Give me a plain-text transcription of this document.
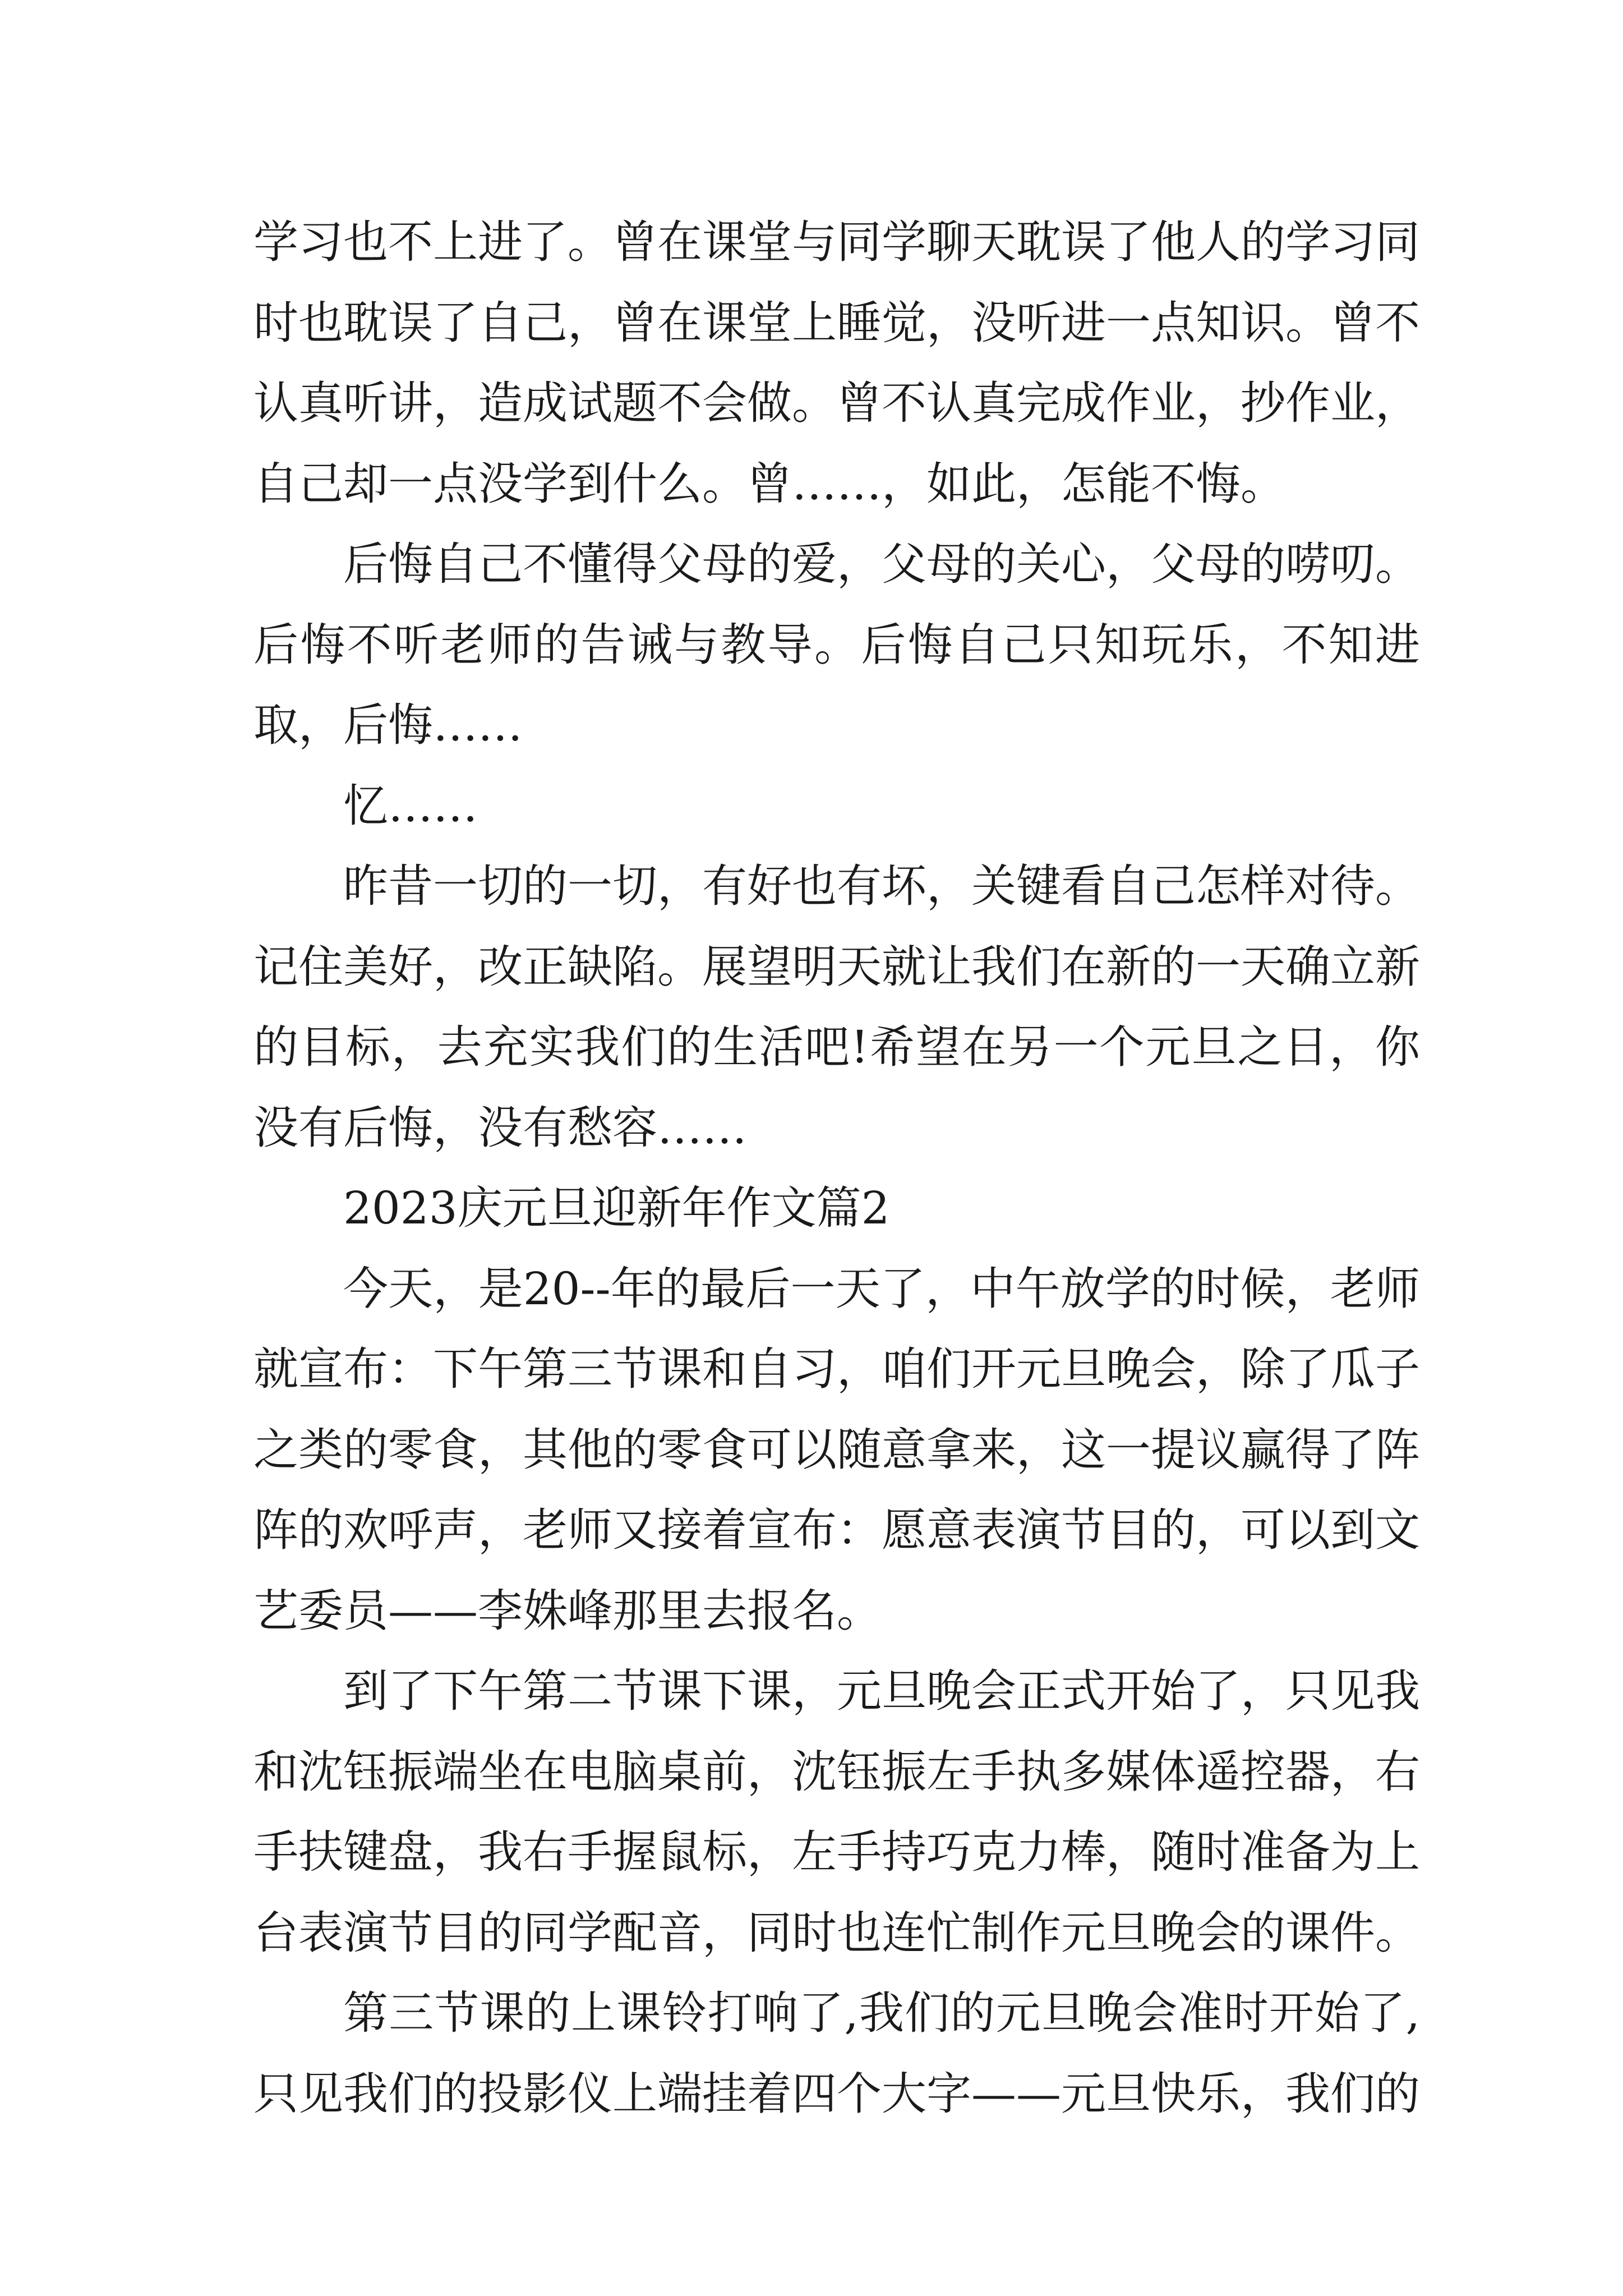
学习也不上进了。曾在课堂与同学聊天耽误了他人的学习同时也耽误了自己，曾在课堂上睡觉，没听进一点知识。曾不认真听讲，造成试题不会做。曾不认真完成作业，抄作业，自己却一点没学到什么。曾……，如此，怎能不悔。

后悔自己不懂得父母的爱，父母的关心，父母的唠叨。后悔不听老师的告诫与教导。后悔自己只知玩乐，不知进取，后悔……

忆……

昨昔一切的一切，有好也有坏，关键看自己怎样对待。记住美好，改正缺陷。展望明天就让我们在新的一天确立新的目标，去充实我们的生活吧!希望在另一个元旦之日，你没有后悔，没有愁容……

2023庆元旦迎新年作文篇2

今天，是20--年的最后一天了，中午放学的时候，老师就宣布：下午第三节课和自习，咱们开元旦晚会，除了瓜子之类的零食，其他的零食可以随意拿来，这一提议赢得了阵阵的欢呼声，老师又接着宣布：愿意表演节目的，可以到文艺委员——李姝峰那里去报名。

到了下午第二节课下课，元旦晚会正式开始了，只见我和沈钰振端坐在电脑桌前，沈钰振左手执多媒体遥控器，右手扶键盘，我右手握鼠标，左手持巧克力棒，随时准备为上台表演节目的同学配音，同时也连忙制作元旦晚会的课件。

第三节课的上课铃打响了,我们的元旦晚会准时开始了,只见我们的投影仪上端挂着四个大字——元旦快乐，我们的
